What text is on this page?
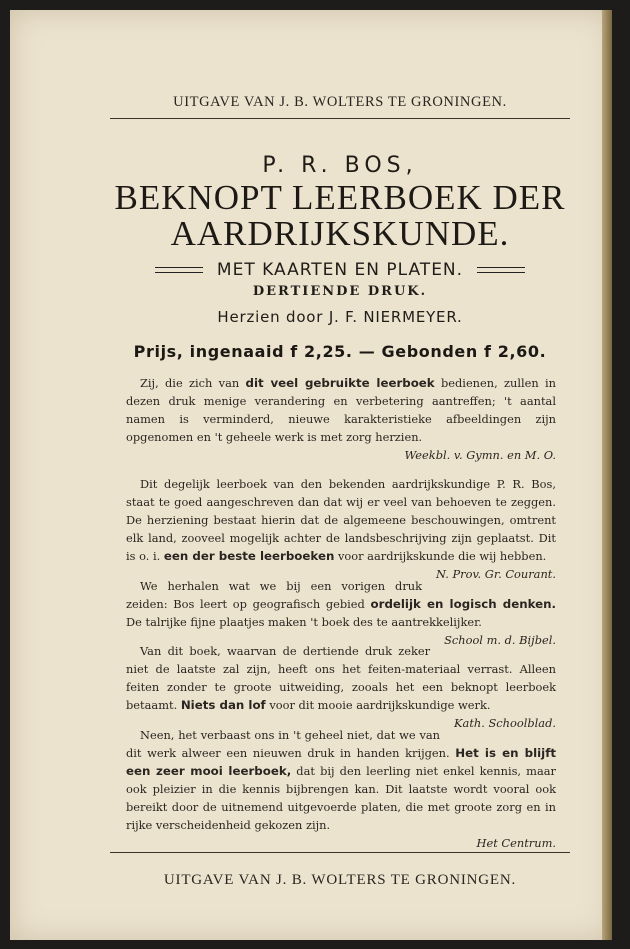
UITGAVE VAN J. B. WOLTERS TE GRONINGEN.
P. R. BOS,
BEKNOPT LEERBOEK DER
AARDRIJKSKUNDE.
MET KAARTEN EN PLATEN.
DERTIENDE DRUK.
Herzien door J. F. NIERMEYER.
Prijs, ingenaaid f 2,25. — Gebonden f 2,60.

Zij, die zich van dit veel gebruikte leerboek bedienen, zullen in dezen druk menige verandering en verbetering aantreffen; 't aantal namen is verminderd, nieuwe karakteristieke afbeeldingen zijn opgenomen en 't geheele werk is met zorg herzien.
Weekbl. v. Gymn. en M. O.

Dit degelijk leerboek van den bekenden aardrijkskundige P. R. Bos, staat te goed aangeschreven dan dat wij er veel van behoeven te zeggen. De herziening bestaat hierin dat de algemeene beschouwingen, omtrent elk land, zooveel mogelijk achter de landsbeschrijving zijn geplaatst. Dit is o. i. een der beste leerboeken voor aardrijkskunde die wij hebben.
N. Prov. Gr. Courant.

We herhalen wat we bij een vorigen druk zeiden: Bos leert op geografisch gebied ordelijk en logisch denken. De talrijke fijne plaatjes maken 't boek des te aantrekkelijker.
School m. d. Bijbel.

Van dit boek, waarvan de dertiende druk zeker niet de laatste zal zijn, heeft ons het feiten-materiaal verrast. Alleen feiten zonder te groote uitweiding, zooals het een beknopt leerboek betaamt. Niets dan lof voor dit mooie aardrijkskundige werk.
Kath. Schoolblad.

Neen, het verbaast ons in 't geheel niet, dat we van dit werk alweer een nieuwen druk in handen krijgen. Het is en blijft een zeer mooi leerboek, dat bij den leerling niet enkel kennis, maar ook pleizier in die kennis bijbrengen kan. Dit laatste wordt vooral ook bereikt door de uitnemend uitgevoerde platen, die met groote zorg en in rijke verscheidenheid gekozen zijn.
Het Centrum.

UITGAVE VAN J. B. WOLTERS TE GRONINGEN.
